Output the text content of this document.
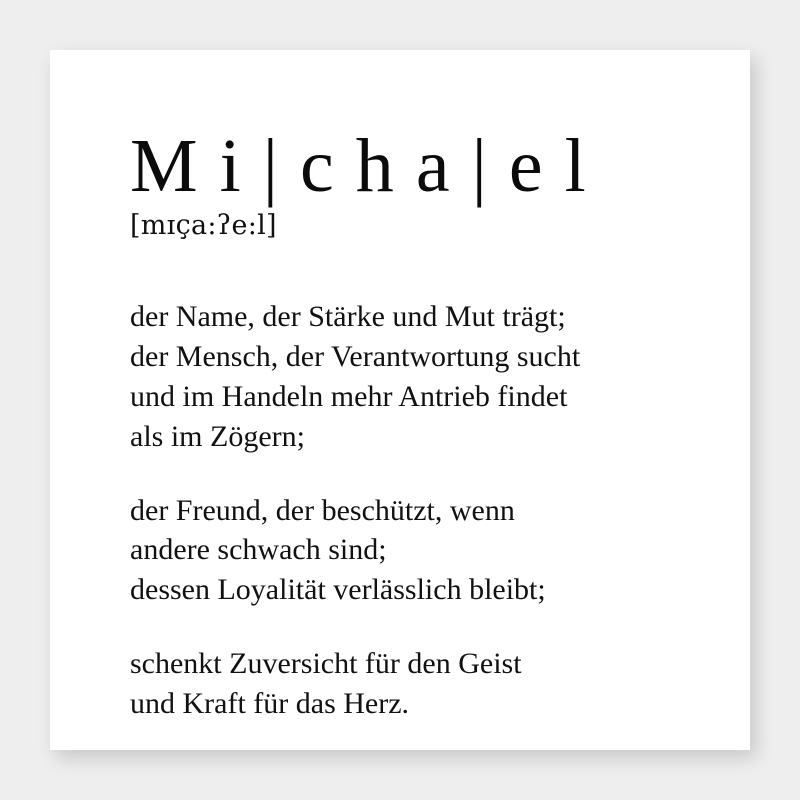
M i | c h a | e l
[mɪça:ʔe:l]

der Name, der Stärke und Mut trägt;
der Mensch, der Verantwortung sucht
und im Handeln mehr Antrieb findet
als im Zögern;

der Freund, der beschützt, wenn
andere schwach sind;
dessen Loyalität verlässlich bleibt;

schenkt Zuversicht für den Geist
und Kraft für das Herz.
